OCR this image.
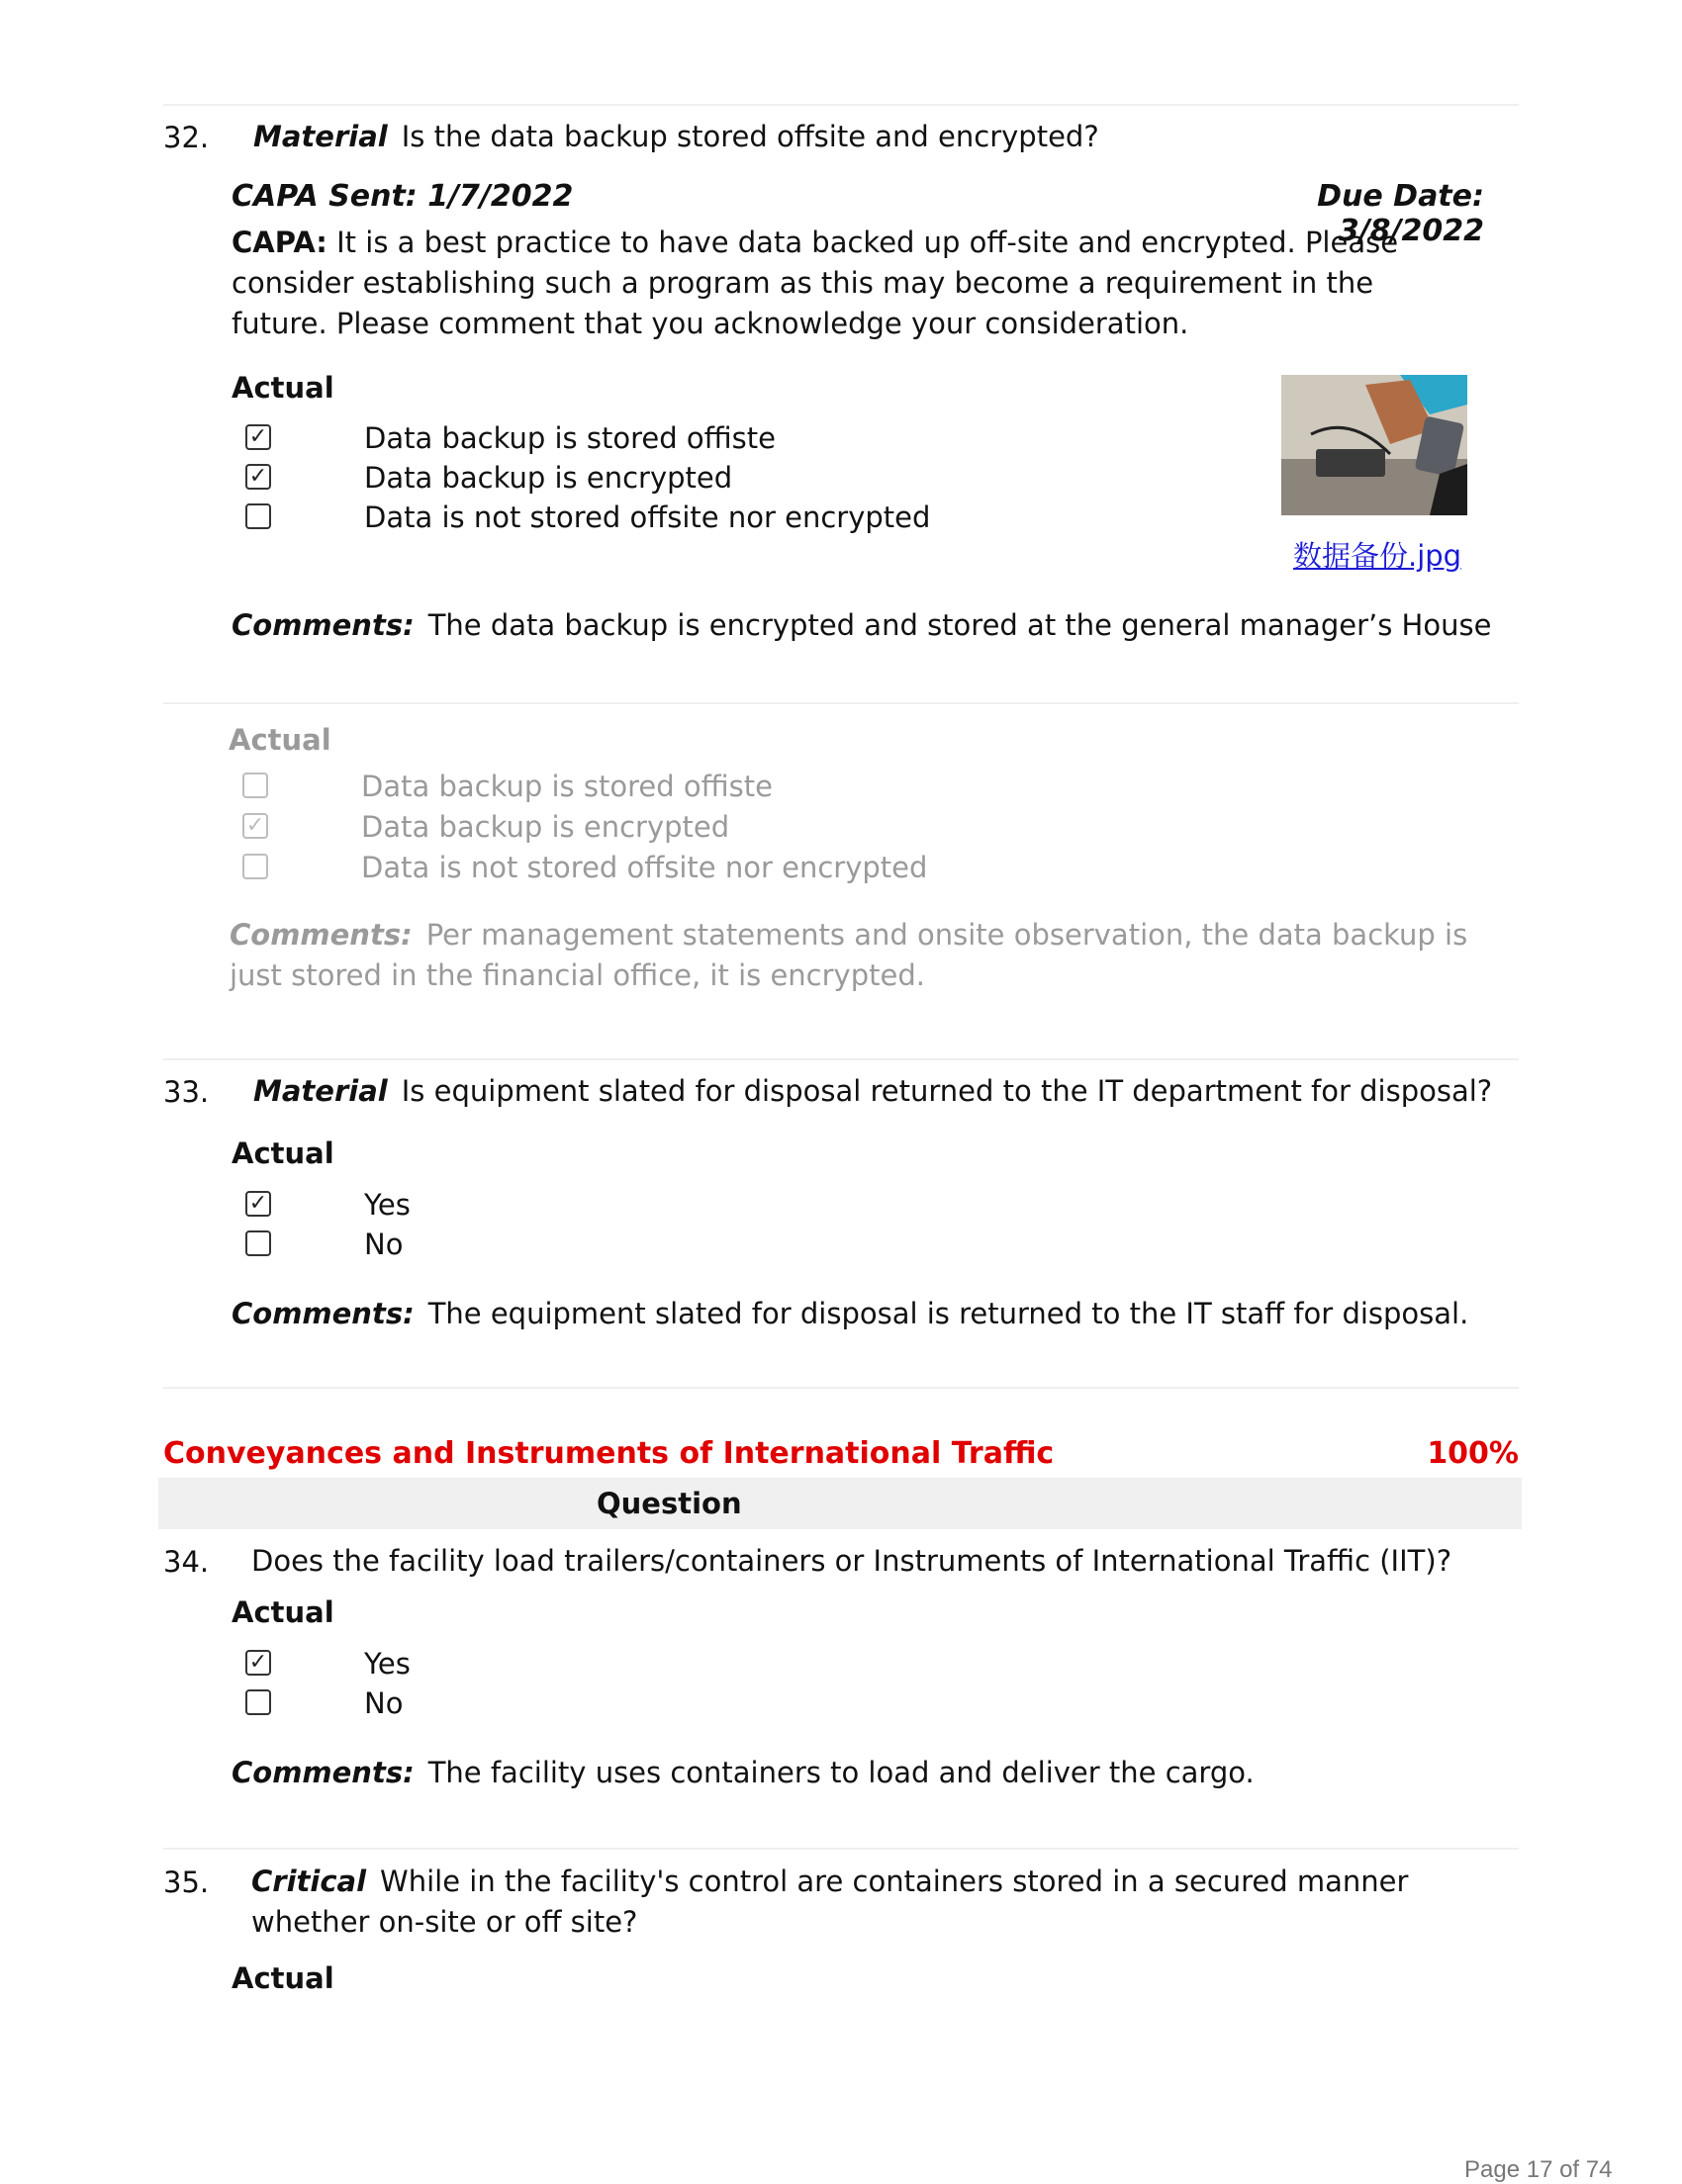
32. Material Is the data backup stored offsite and encrypted?
CAPA Sent: 1/7/2022	Due Date: 3/8/2022
CAPA: It is a best practice to have data backed up off-site and encrypted. Please consider establishing such a program as this may become a requirement in the future. Please comment that you acknowledge your consideration.
Actual
✓	Data backup is stored offiste
✓	Data backup is encrypted
Data is not stored offsite nor encrypted
数据备份.jpg
Comments: The data backup is encrypted and stored at the general manager’s House
Actual
Data backup is stored offiste
✓	Data backup is encrypted
Data is not stored offsite nor encrypted
Comments: Per management statements and onsite observation, the data backup is just stored in the financial office, it is encrypted.
33. Material Is equipment slated for disposal returned to the IT department for disposal?
Actual
✓	Yes
No
Comments: The equipment slated for disposal is returned to the IT staff for disposal.
Conveyances and Instruments of International Traffic	100%
Question
34. Does the facility load trailers/containers or Instruments of International Traffic (IIT)?
Actual
✓	Yes
No
Comments: The facility uses containers to load and deliver the cargo.
35. Critical While in the facility's control are containers stored in a secured manner whether on-site or off site?
Actual
Page 17 of 74
